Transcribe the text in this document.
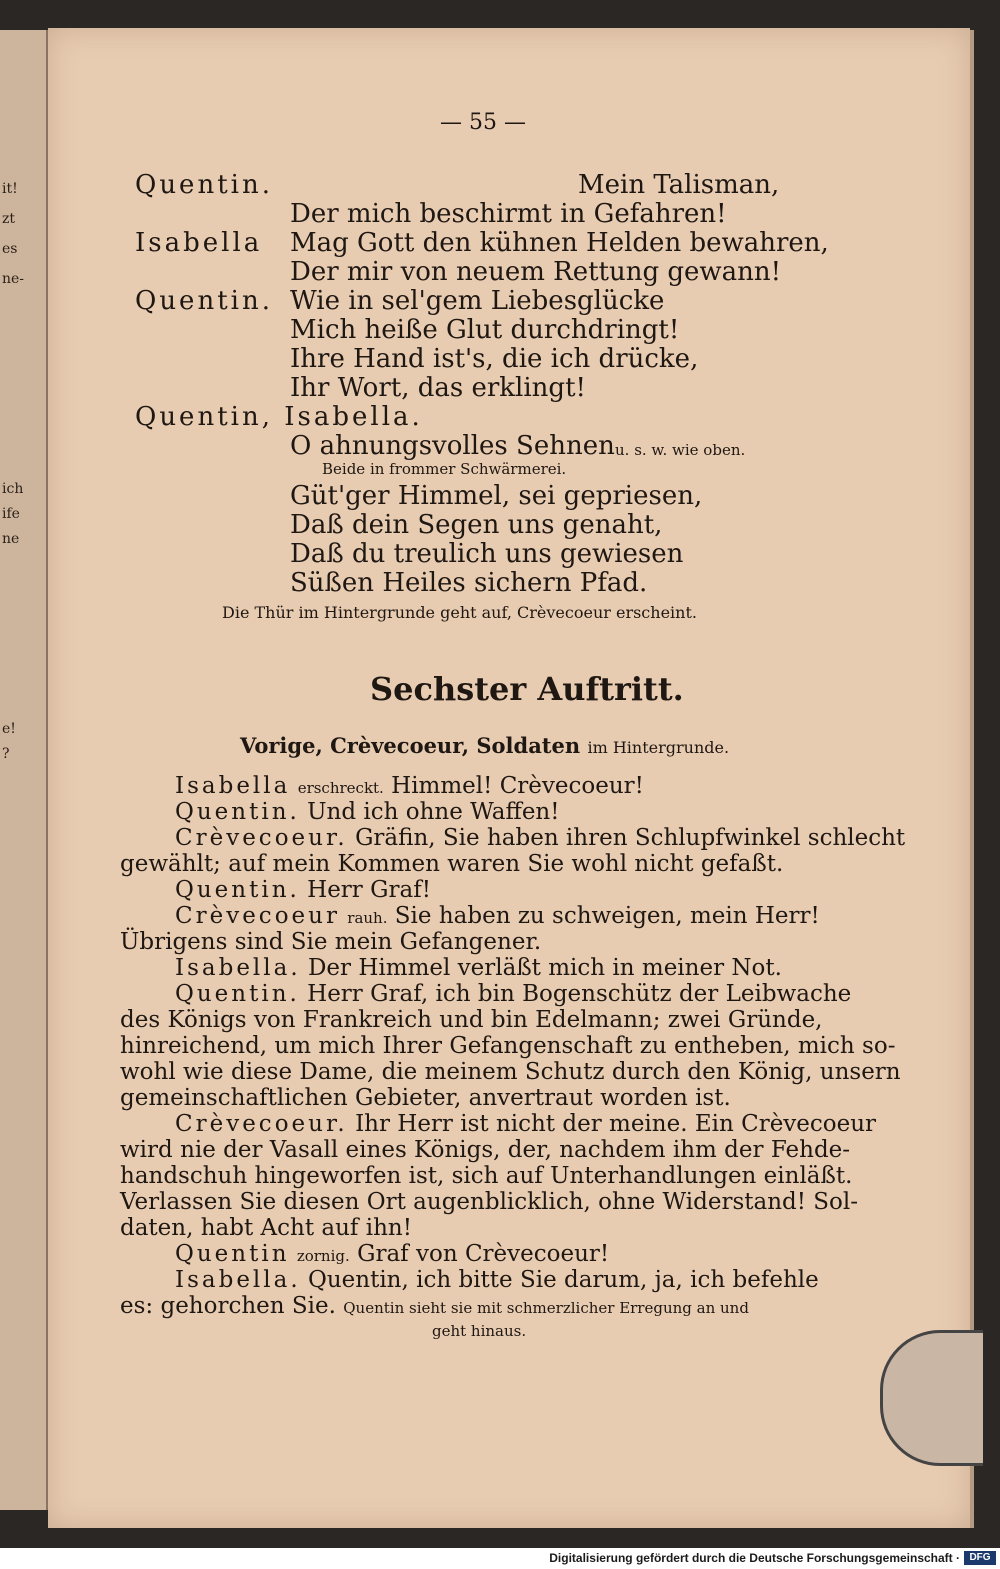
it!
zt
es
ne-
ich
ife
ne
e!
?
— 55 —
Quentin.	Mein Talisman,
Der mich beschirmt in Gefahren!
Isabella Mag Gott den kühnen Helden bewahren,
Der mir von neuem Rettung gewann!
Quentin. Wie in sel'gem Liebesglücke
Mich heiße Glut durchdringt!
Ihre Hand ist's, die ich drücke,
Ihr Wort, das erklingt!
Quentin, Isabella.
O ahnungsvolles Sehnen u. s. w. wie oben.
Beide in frommer Schwärmerei.
Güt'ger Himmel, sei gepriesen,
Daß dein Segen uns genaht,
Daß du treulich uns gewiesen
Süßen Heiles sichern Pfad.
Die Thür im Hintergrunde geht auf, Crèvecoeur erscheint.
Sechster Auftritt.
Vorige, Crèvecoeur, Soldaten im Hintergrunde.
Isabella erschreckt. Himmel! Crèvecoeur!
Quentin. Und ich ohne Waffen!
Crèvecoeur. Gräfin, Sie haben ihren Schlupfwinkel schlecht
gewählt; auf mein Kommen waren Sie wohl nicht gefaßt.
Quentin. Herr Graf!
Crèvecoeur rauh. Sie haben zu schweigen, mein Herr!
Übrigens sind Sie mein Gefangener.
Isabella. Der Himmel verläßt mich in meiner Not.
Quentin. Herr Graf, ich bin Bogenschütz der Leibwache
des Königs von Frankreich und bin Edelmann; zwei Gründe,
hinreichend, um mich Ihrer Gefangenschaft zu entheben, mich so-
wohl wie diese Dame, die meinem Schutz durch den König, unsern
gemeinschaftlichen Gebieter, anvertraut worden ist.
Crèvecoeur. Ihr Herr ist nicht der meine. Ein Crèvecoeur
wird nie der Vasall eines Königs, der, nachdem ihm der Fehde-
handschuh hingeworfen ist, sich auf Unterhandlungen einläßt.
Verlassen Sie diesen Ort augenblicklich, ohne Widerstand! Sol-
daten, habt Acht auf ihn!
Quentin zornig. Graf von Crèvecoeur!
Isabella. Quentin, ich bitte Sie darum, ja, ich befehle
es: gehorchen Sie. Quentin sieht sie mit schmerzlicher Erregung an und
geht hinaus.
Digitalisierung gefördert durch die Deutsche Forschungsgemeinschaft · DFG
